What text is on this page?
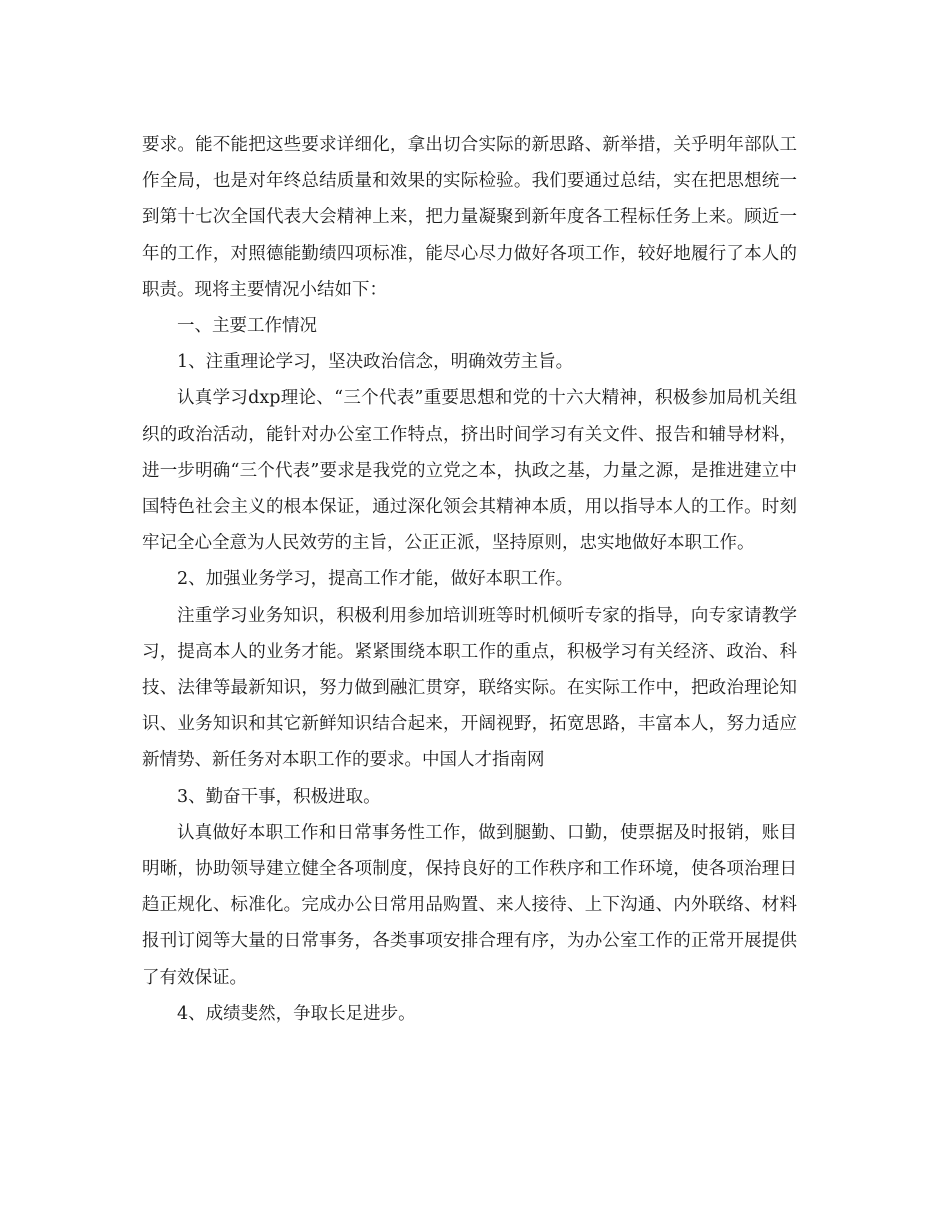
要求。能不能把这些要求详细化，拿出切合实际的新思路、新举措，关乎明年部队工作全局，也是对年终总结质量和效果的实际检验。我们要通过总结，实在把思想统一到第十七次全国代表大会精神上来，把力量凝聚到新年度各工程标任务上来。顾近一年的工作，对照德能勤绩四项标准，能尽心尽力做好各项工作，较好地履行了本人的职责。现将主要情况小结如下：

一、主要工作情况

1、注重理论学习，坚决政治信念，明确效劳主旨。

认真学习dxp理论、“三个代表”重要思想和党的十六大精神，积极参加局机关组织的政治活动，能针对办公室工作特点，挤出时间学习有关文件、报告和辅导材料，进一步明确“三个代表”要求是我党的立党之本，执政之基，力量之源，是推进建立中国特色社会主义的根本保证，通过深化领会其精神本质，用以指导本人的工作。时刻牢记全心全意为人民效劳的主旨，公正正派，坚持原则，忠实地做好本职工作。

2、加强业务学习，提高工作才能，做好本职工作。

注重学习业务知识，积极利用参加培训班等时机倾听专家的指导，向专家请教学习，提高本人的业务才能。紧紧围绕本职工作的重点，积极学习有关经济、政治、科技、法律等最新知识，努力做到融汇贯穿，联络实际。在实际工作中，把政治理论知识、业务知识和其它新鲜知识结合起来，开阔视野，拓宽思路，丰富本人，努力适应新情势、新任务对本职工作的要求。中国人才指南网

3、勤奋干事，积极进取。

认真做好本职工作和日常事务性工作，做到腿勤、口勤，使票据及时报销，账目明晰，协助领导建立健全各项制度，保持良好的工作秩序和工作环境，使各项治理日趋正规化、标准化。完成办公日常用品购置、来人接待、上下沟通、内外联络、材料报刊订阅等大量的日常事务，各类事项安排合理有序，为办公室工作的正常开展提供了有效保证。

4、成绩斐然，争取长足进步。
